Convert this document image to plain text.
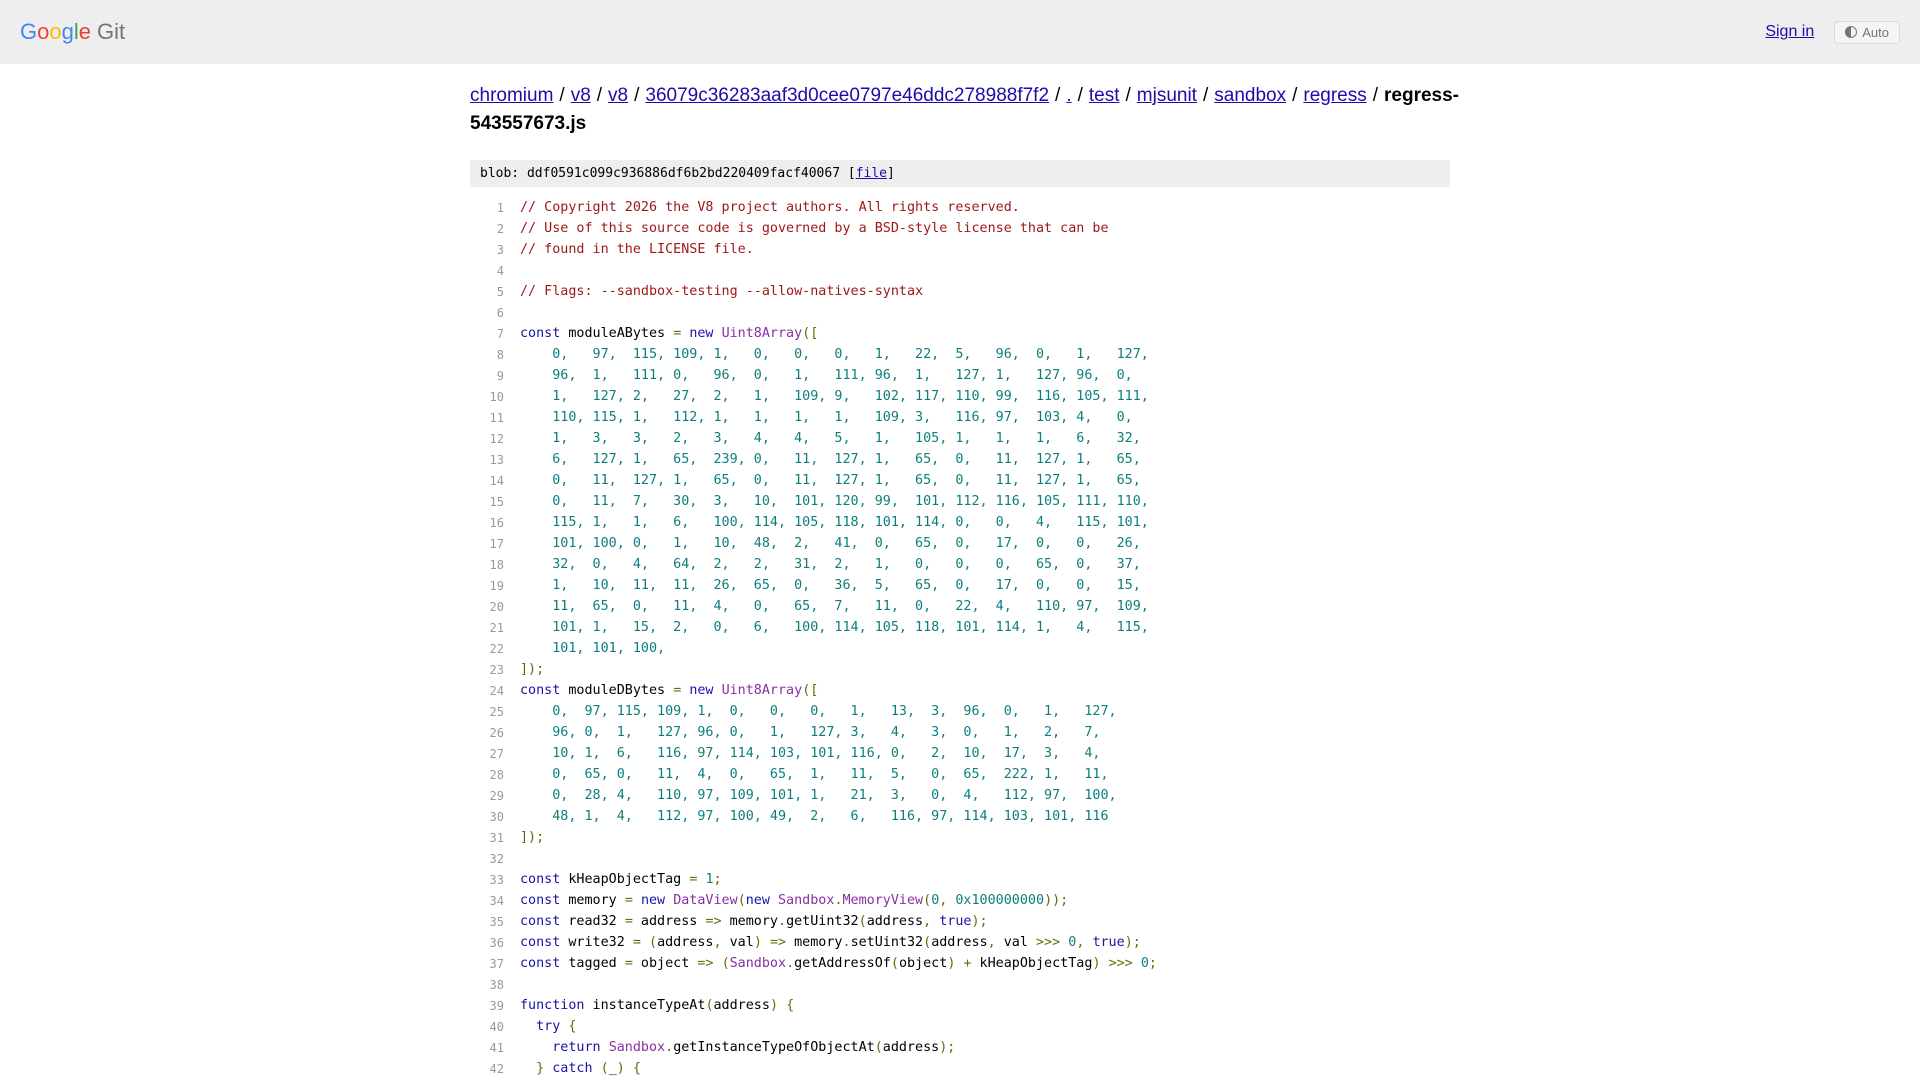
G o o g l e Git	Sign in	Auto
chromium / v8 / v8 / 36079c36283aaf3d0cee0797e46ddc278988f7f2 / . / test / mjsunit / sandbox / regress / regress-543557673.js
blob: ddf0591c099c936886df6b2bd220409facf40067 [file]
1	// Copyright 2026 the V8 project authors. All rights reserved.
2	// Use of this source code is governed by a BSD-style license that can be
3	// found in the LICENSE file.
4	
5	// Flags: --sandbox-testing --allow-natives-syntax
6	
7	const moduleABytes = new Uint8Array([
8	0,   97,  115, 109, 1,   0,   0,   0,   1,   22,  5,   96,  0,   1,   127,
9	96,  1,   111, 0,   96,  0,   1,   111, 96,  1,   127, 1,   127, 96,  0,
10	1,   127, 2,   27,  2,   1,   109, 9,   102, 117, 110, 99,  116, 105, 111,
11	110, 115, 1,   112, 1,   1,   1,   1,   109, 3,   116, 97,  103, 4,   0,
12	1,   3,   3,   2,   3,   4,   4,   5,   1,   105, 1,   1,   1,   6,   32,
13	6,   127, 1,   65,  239, 0,   11,  127, 1,   65,  0,   11,  127, 1,   65,
14	0,   11,  127, 1,   65,  0,   11,  127, 1,   65,  0,   11,  127, 1,   65,
15	0,   11,  7,   30,  3,   10,  101, 120, 99,  101, 112, 116, 105, 111, 110,
16	115, 1,   1,   6,   100, 114, 105, 118, 101, 114, 0,   0,   4,   115, 101,
17	101, 100, 0,   1,   10,  48,  2,   41,  0,   65,  0,   17,  0,   0,   26,
18	32,  0,   4,   64,  2,   2,   31,  2,   1,   0,   0,   0,   65,  0,   37,
19	1,   10,  11,  11,  26,  65,  0,   36,  5,   65,  0,   17,  0,   0,   15,
20	11,  65,  0,   11,  4,   0,   65,  7,   11,  0,   22,  4,   110, 97,  109,
21	101, 1,   15,  2,   0,   6,   100, 114, 105, 118, 101, 114, 1,   4,   115,
22	101, 101, 100,
23	]);
24	const moduleDBytes = new Uint8Array([
25	0,  97, 115, 109, 1,  0,   0,   0,   1,   13,  3,  96,  0,   1,   127,
26	96, 0,  1,   127, 96, 0,   1,   127, 3,   4,   3,  0,   1,   2,   7,
27	10, 1,  6,   116, 97, 114, 103, 101, 116, 0,   2,  10,  17,  3,   4,
28	0,  65, 0,   11,  4,  0,   65,  1,   11,  5,   0,  65,  222, 1,   11,
29	0,  28, 4,   110, 97, 109, 101, 1,   21,  3,   0,  4,   112, 97,  100,
30	48, 1,  4,   112, 97, 100, 49,  2,   6,   116, 97, 114, 103, 101, 116
31	]);
32	
33	const kHeapObjectTag = 1;
34	const memory = new DataView(new Sandbox.MemoryView(0, 0x100000000));
35	const read32 = address => memory.getUint32(address, true);
36	const write32 = (address, val) => memory.setUint32(address, val >>> 0, true);
37	const tagged = object => (Sandbox.getAddressOf(object) + kHeapObjectTag) >>> 0;
38	
39	function instanceTypeAt(address) {
40	try {
41	return Sandbox.getInstanceTypeOfObjectAt(address);
42	} catch (_) {
